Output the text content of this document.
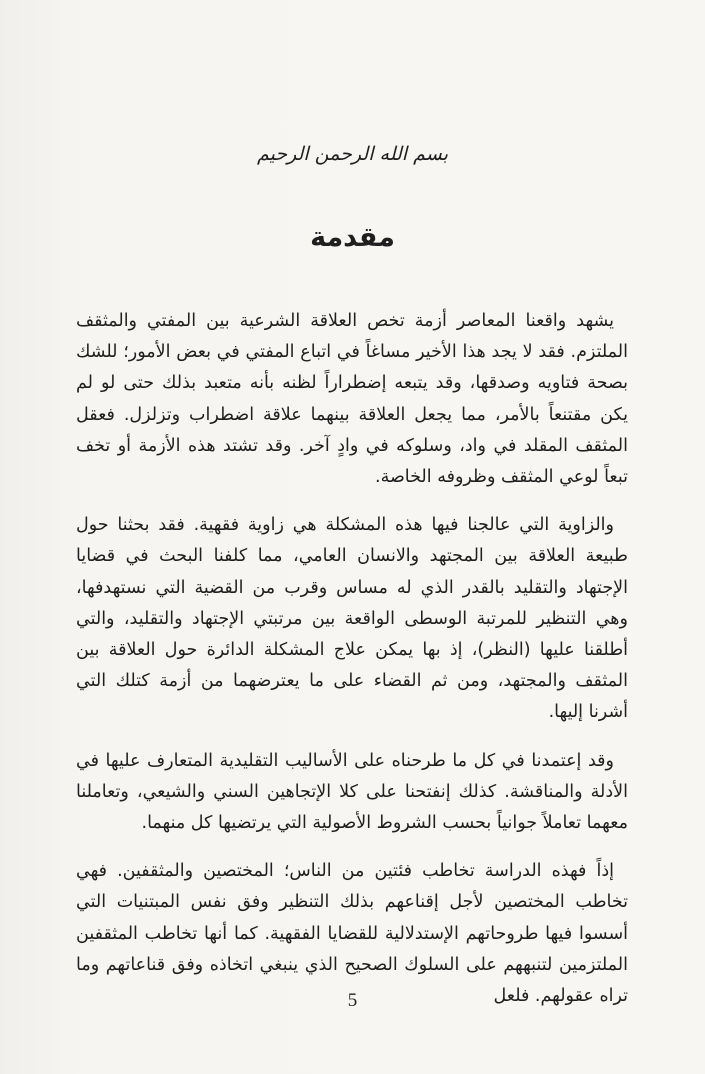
بسم الله الرحمن الرحيم
مقدمة

يشهد واقعنا المعاصر أزمة تخص العلاقة الشرعية بين المفتي والمثقف الملتزم. فقد لا يجد هذا الأخير مساغاً في اتباع المفتي في بعض الأمور؛ للشك بصحة فتاويه وصدقها، وقد يتبعه إضطراراً لظنه بأنه متعبد بذلك حتى لو لم يكن مقتنعاً بالأمر، مما يجعل العلاقة بينهما علاقة اضطراب وتزلزل. فعقل المثقف المقلد في واد، وسلوكه في وادٍ آخر. وقد تشتد هذه الأزمة أو تخف تبعاً لوعي المثقف وظروفه الخاصة.

والزاوية التي عالجنا فيها هذه المشكلة هي زاوية فقهية. فقد بحثنا حول طبيعة العلاقة بين المجتهد والانسان العامي، مما كلفنا البحث في قضايا الإجتهاد والتقليد بالقدر الذي له مساس وقرب من القضية التي نستهدفها، وهي التنظير للمرتبة الوسطى الواقعة بين مرتبتي الإجتهاد والتقليد، والتي أطلقنا عليها (النظر)، إذ بها يمكن علاج المشكلة الدائرة حول العلاقة بين المثقف والمجتهد، ومن ثم القضاء على ما يعترضهما من أزمة كتلك التي أشرنا إليها.

وقد إعتمدنا في كل ما طرحناه على الأساليب التقليدية المتعارف عليها في الأدلة والمناقشة. كذلك إنفتحنا على كلا الإتجاهين السني والشيعي، وتعاملنا معهما تعاملاً جوانياً بحسب الشروط الأصولية التي يرتضيها كل منهما.

إذاً فهذه الدراسة تخاطب فئتين من الناس؛ المختصين والمثقفين. فهي تخاطب المختصين لأجل إقناعهم بذلك التنظير وفق نفس المبتنيات التي أسسوا فيها طروحاتهم الإستدلالية للقضايا الفقهية. كما أنها تخاطب المثقفين الملتزمين لتنبههم على السلوك الصحيح الذي ينبغي اتخاذه وفق قناعاتهم وما تراه عقولهم. فلعل

5
